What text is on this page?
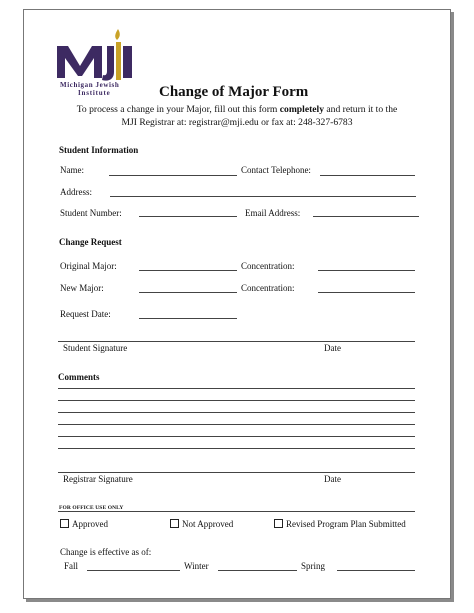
Michigan Jewish
Institute	Change of Major Form
To process a change in your Major, fill out this form completely and return it to the
MJI Registrar at: registrar@mji.edu or fax at: 248-327-6783
Student Information
Name:	Contact Telephone:
Address:
Student Number:	Email Address:
Change Request
Original Major:	Concentration:
New Major:	Concentration:
Request Date:
Student Signature	Date
Comments
Registrar Signature	Date
FOR OFFICE USE ONLY
Approved	Not Approved	Revised Program Plan Submitted
Change is effective as of:
Fall	Winter	Spring
